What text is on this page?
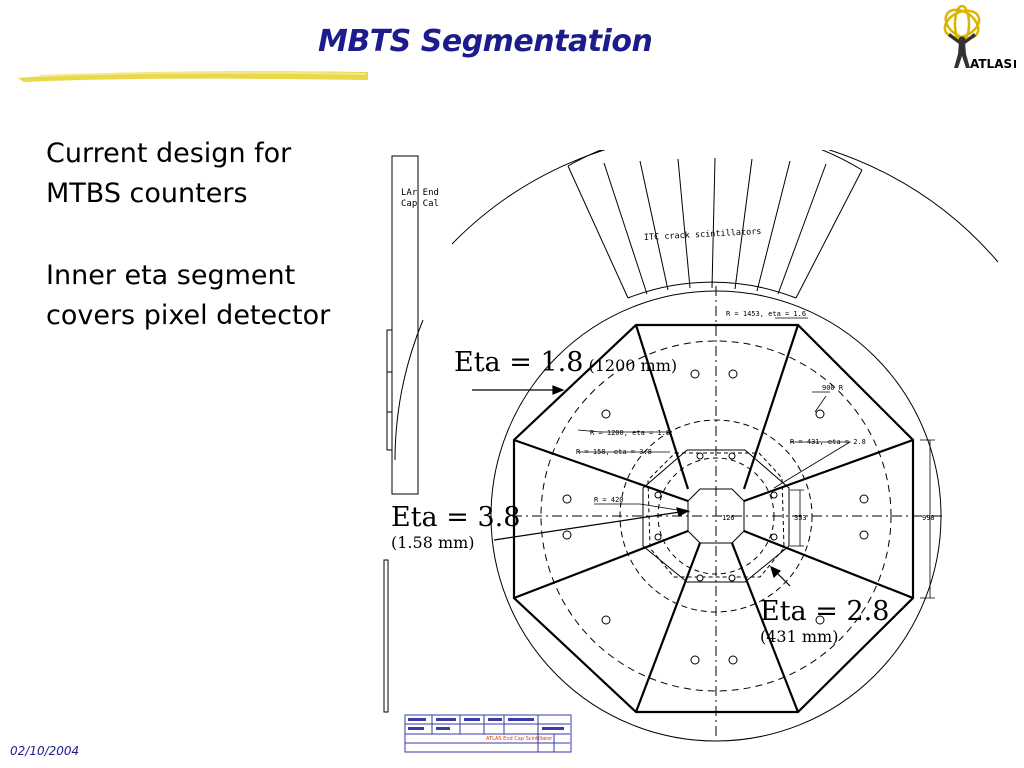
MBTS Segmentation
ATLAS

Current design for

MTBS counters

Inner eta segment

covers pixel detector

LAr End
Cap Cal
ITC crack scintillators
R = 1453, eta = 1.6
900 R
R = 1200, eta = 1.8
R = 158, eta = 3.8
R = 431, eta = 2.8
R = 420
126	353	998
ATLAS End Cap Scintillator
Eta = 1.8 (1200 mm)
Eta = 3.8
(1.58 mm)
Eta = 2.8
(431 mm)
02/10/2004
